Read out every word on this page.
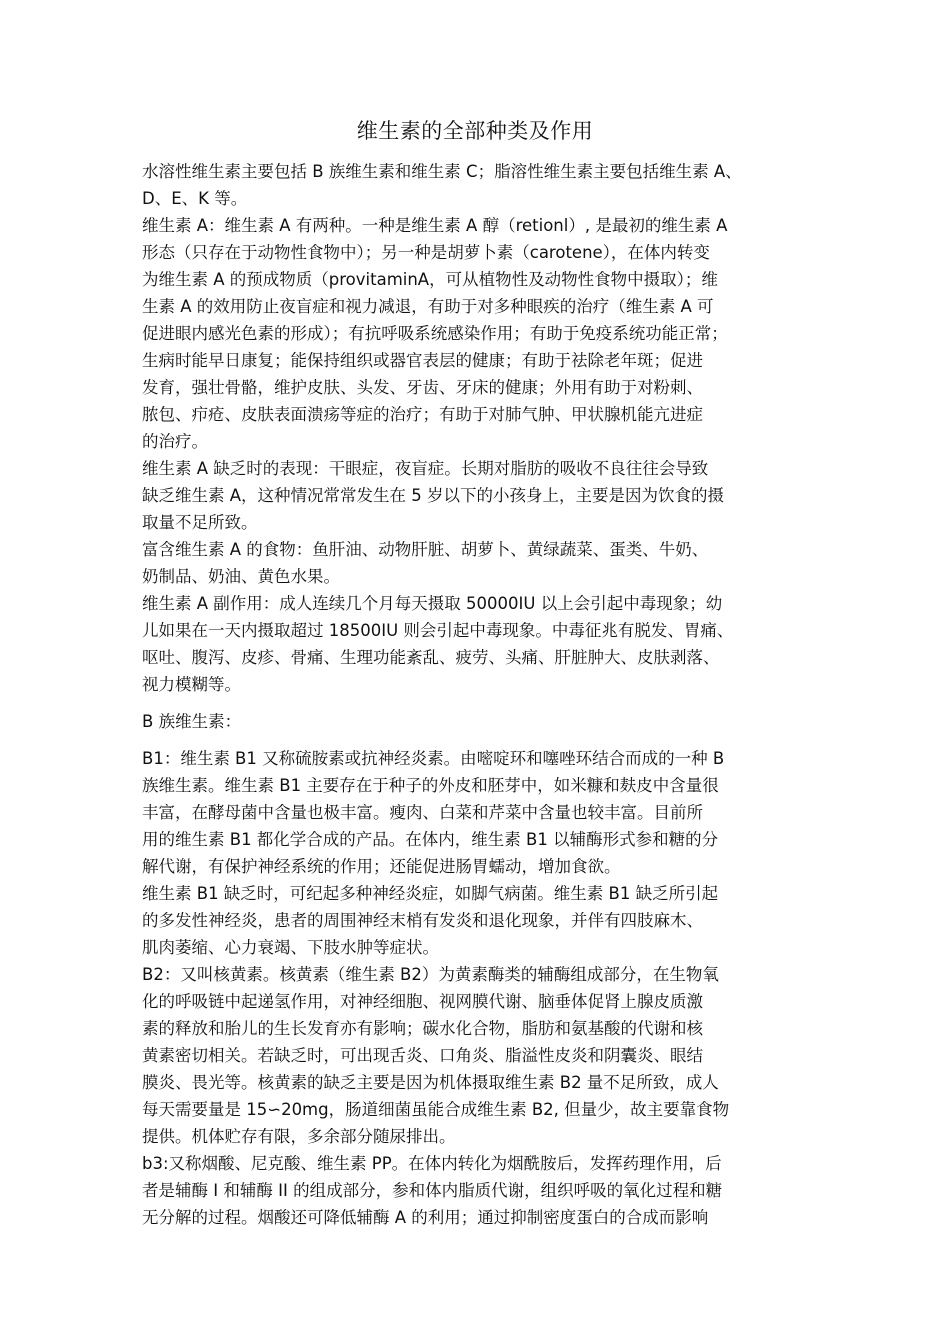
维生素的全部种类及作用
水溶性维生素主要包括 B 族维生素和维生素 C；脂溶性维生素主要包括维生素 A、
D、E、K 等。
维生素 A：维生素 A 有两种。一种是维生素 A 醇（retionl）, 是最初的维生素 A
形态（只存在于动物性食物中）；另一种是胡萝卜素（carotene），在体内转变
为维生素 A 的预成物质（provitaminA，可从植物性及动物性食物中摄取）；维
生素 A 的效用防止夜盲症和视力减退，有助于对多种眼疾的治疗（维生素 A 可
促进眼内感光色素的形成）；有抗呼吸系统感染作用；有助于免疫系统功能正常；
生病时能早日康复；能保持组织或器官表层的健康；有助于祛除老年斑；促进
发育，强壮骨骼，维护皮肤、头发、牙齿、牙床的健康；外用有助于对粉刺、
脓包、疖疮、皮肤表面溃疡等症的治疗；有助于对肺气肿、甲状腺机能亢进症
的治疗。
维生素 A 缺乏时的表现：干眼症，夜盲症。长期对脂肪的吸收不良往往会导致
缺乏维生素 A，这种情况常常发生在 5 岁以下的小孩身上，主要是因为饮食的摄
取量不足所致。
富含维生素 A 的食物：鱼肝油、动物肝脏、胡萝卜、黄绿蔬菜、蛋类、牛奶、
奶制品、奶油、黄色水果。
维生素 A 副作用：成人连续几个月每天摄取 50000IU 以上会引起中毒现象；幼
儿如果在一天内摄取超过 18500IU 则会引起中毒现象。中毒征兆有脱发、胃痛、
呕吐、腹泻、皮疹、骨痛、生理功能紊乱、疲劳、头痛、肝脏肿大、皮肤剥落、
视力模糊等。
B 族维生素：
B1：维生素 B1 又称硫胺素或抗神经炎素。由嘧啶环和噻唑环结合而成的一种 B
族维生素。维生素 B1 主要存在于种子的外皮和胚芽中，如米糠和麸皮中含量很
丰富，在酵母菌中含量也极丰富。瘦肉、白菜和芹菜中含量也较丰富。目前所
用的维生素 B1 都化学合成的产品。在体内，维生素 B1 以辅酶形式参和糖的分
解代谢，有保护神经系统的作用；还能促进肠胃蠕动，增加食欲。
维生素 B1 缺乏时，可纪起多种神经炎症，如脚气病菌。维生素 B1 缺乏所引起
的多发性神经炎，患者的周围神经末梢有发炎和退化现象，并伴有四肢麻木、
肌肉萎缩、心力衰竭、下肢水肿等症状。
B2：又叫核黄素。核黄素（维生素 B2）为黄素酶类的辅酶组成部分，在生物氧
化的呼吸链中起递氢作用，对神经细胞、视网膜代谢、脑垂体促肾上腺皮质激
素的释放和胎儿的生长发育亦有影响；碳水化合物，脂肪和氨基酸的代谢和核
黄素密切相关。若缺乏时，可出现舌炎、口角炎、脂溢性皮炎和阴囊炎、眼结
膜炎、畏光等。核黄素的缺乏主要是因为机体摄取维生素 B2 量不足所致，成人
每天需要量是 15∽20mg，肠道细菌虽能合成维生素 B2, 但量少，故主要靠食物
提供。机体贮存有限，多余部分随尿排出。
b3:又称烟酸、尼克酸、维生素 PP。在体内转化为烟酰胺后，发挥药理作用，后
者是辅酶 I 和辅酶 II 的组成部分，参和体内脂质代谢，组织呼吸的氧化过程和糖
无分解的过程。烟酸还可降低辅酶 A 的利用；通过抑制密度蛋白的合成而影响
